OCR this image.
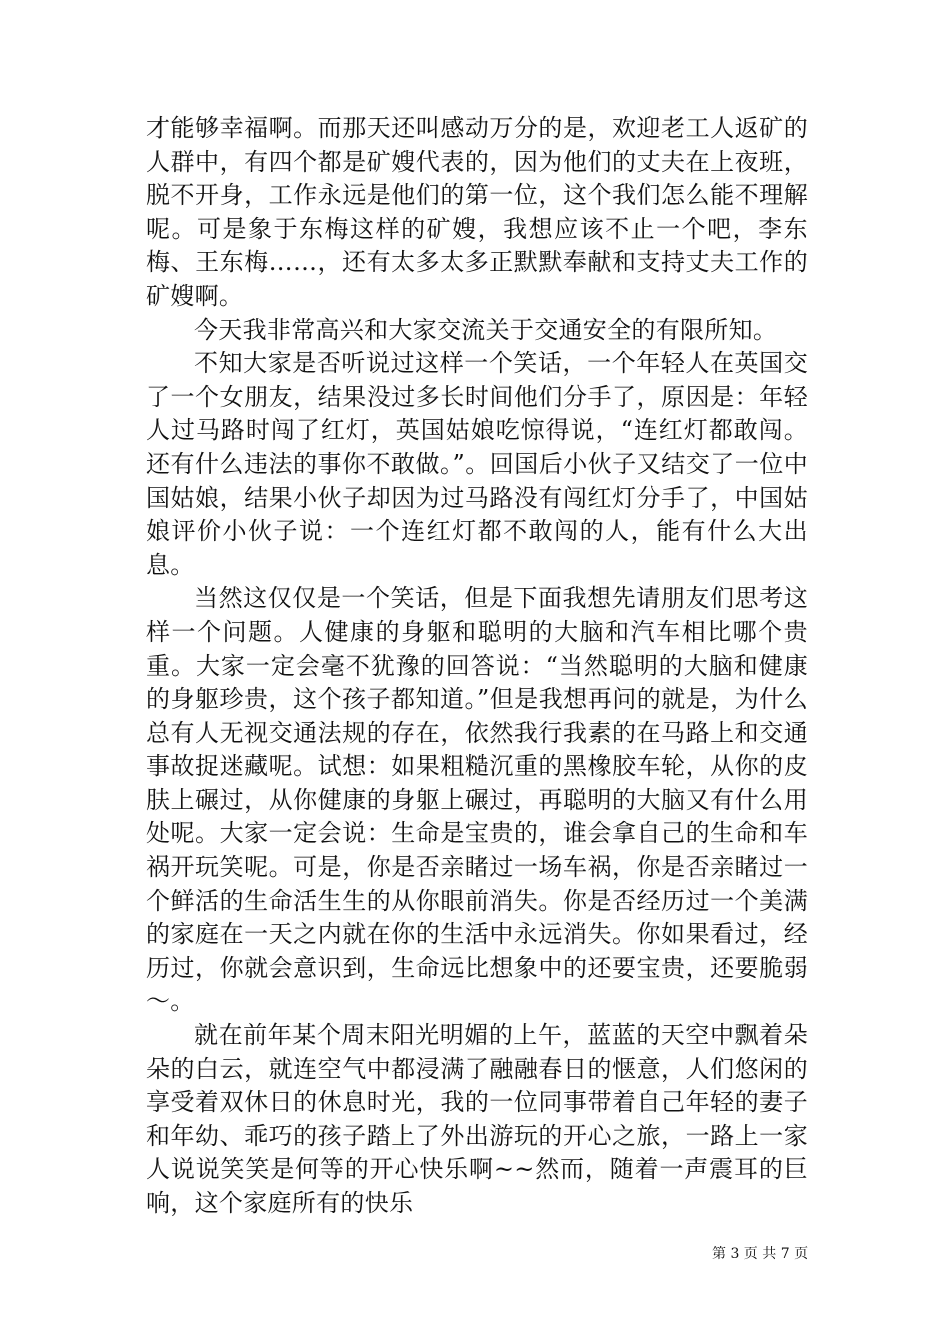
才能够幸福啊。而那天还叫感动万分的是，欢迎老工人返矿的人群中，有四个都是矿嫂代表的，因为他们的丈夫在上夜班，脱不开身，工作永远是他们的第一位，这个我们怎么能不理解呢。可是象于东梅这样的矿嫂，我想应该不止一个吧，李东梅、王东梅……，还有太多太多正默默奉献和支持丈夫工作的矿嫂啊。

今天我非常高兴和大家交流关于交通安全的有限所知。

不知大家是否听说过这样一个笑话，一个年轻人在英国交了一个女朋友，结果没过多长时间他们分手了，原因是：年轻人过马路时闯了红灯，英国姑娘吃惊得说，“连红灯都敢闯。还有什么违法的事你不敢做。”。回国后小伙子又结交了一位中国姑娘，结果小伙子却因为过马路没有闯红灯分手了，中国姑娘评价小伙子说：一个连红灯都不敢闯的人，能有什么大出息。

当然这仅仅是一个笑话，但是下面我想先请朋友们思考这样一个问题。人健康的身躯和聪明的大脑和汽车相比哪个贵重。大家一定会毫不犹豫的回答说：“当然聪明的大脑和健康的身躯珍贵，这个孩子都知道。”但是我想再问的就是，为什么总有人无视交通法规的存在，依然我行我素的在马路上和交通事故捉迷藏呢。试想：如果粗糙沉重的黑橡胶车轮，从你的皮肤上碾过，从你健康的身躯上碾过，再聪明的大脑又有什么用处呢。大家一定会说：生命是宝贵的，谁会拿自己的生命和车祸开玩笑呢。可是，你是否亲睹过一场车祸，你是否亲睹过一个鲜活的生命活生生的从你眼前消失。你是否经历过一个美满的家庭在一天之内就在你的生活中永远消失。你如果看过，经历过，你就会意识到，生命远比想象中的还要宝贵，还要脆弱～。

就在前年某个周末阳光明媚的上午，蓝蓝的天空中飘着朵朵的白云，就连空气中都浸满了融融春日的惬意，人们悠闲的享受着双休日的休息时光，我的一位同事带着自己年轻的妻子和年幼、乖巧的孩子踏上了外出游玩的开心之旅，一路上一家人说说笑笑是何等的开心快乐啊~~然而，随着一声震耳的巨响，这个家庭所有的快乐

第 3 页 共 7 页
